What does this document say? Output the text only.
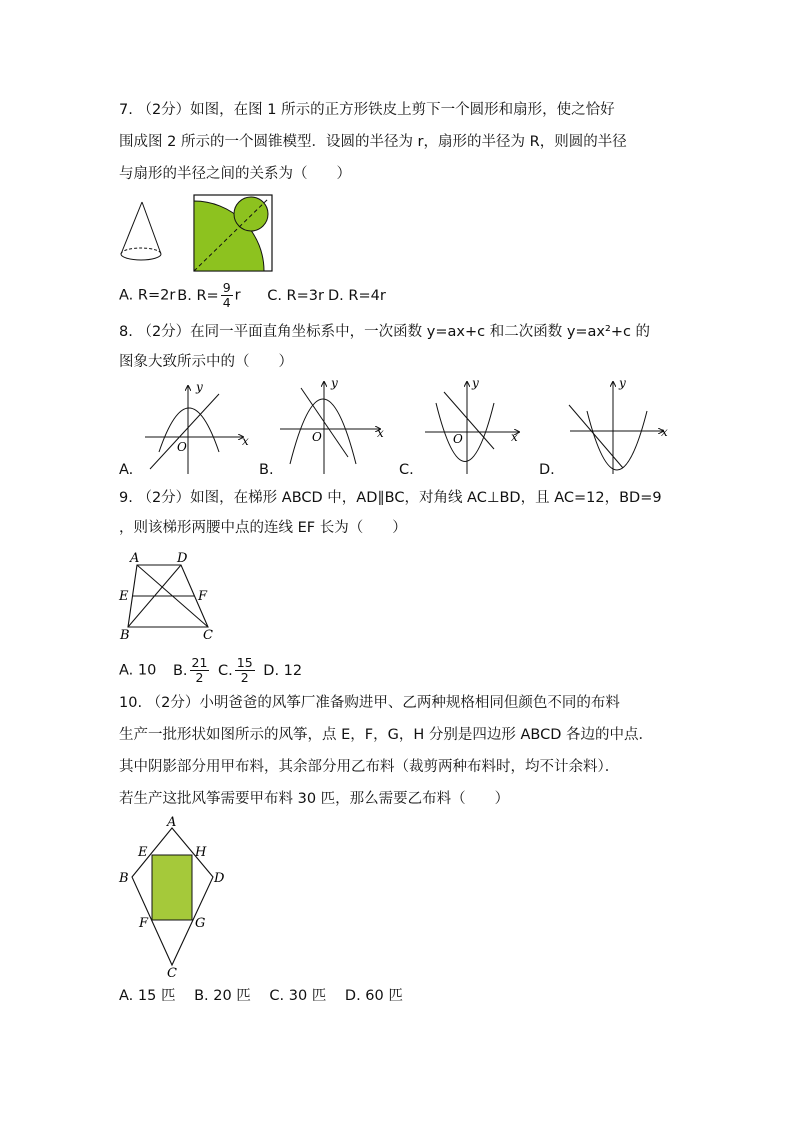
7. （2分）如图，在图 1 所示的正方形铁皮上剪下一个圆形和扇形，使之恰好
围成图 2 所示的一个圆锥模型．设圆的半径为 r，扇形的半径为 R，则圆的半径
与扇形的半径之间的关系为（　　）
A. R=2r B. $R= \frac{9}{4}$ r C. R=3r D. R=4r
8. （2分）在同一平面直角坐标系中，一次函数 y=ax+c 和二次函数 y=ax²+c 的
图象大致所示中的（　　）
x
y
O
x
y
O	x
y
O	x
y
A.	B.	C.	D.
9. （2分）如图，在梯形 ABCD 中，AD∥BC，对角线 AC⊥BD，且 AC=12，BD=9
，则该梯形两腰中点的连线 EF 长为（　　）
A	D
E	F
B	C
A. 10 B. $\frac{21}{2} C$. $\frac{15}{2} D$. 12
10. （2分）小明爸爸的风筝厂准备购进甲、乙两种规格相同但颜色不同的布料
生产一批形状如图所示的风筝，点 E，F，G，H 分别是四边形 ABCD 各边的中点．
其中阴影部分用甲布料，其余部分用乙布料（裁剪两种布料时，均不计余料）．
若生产这批风筝需要甲布料 30 匹，那么需要乙布料（　　）
A
E	H
B	D
F	G
C
A. 15 匹 B. 20 匹 C. 30 匹 D. 60 匹
